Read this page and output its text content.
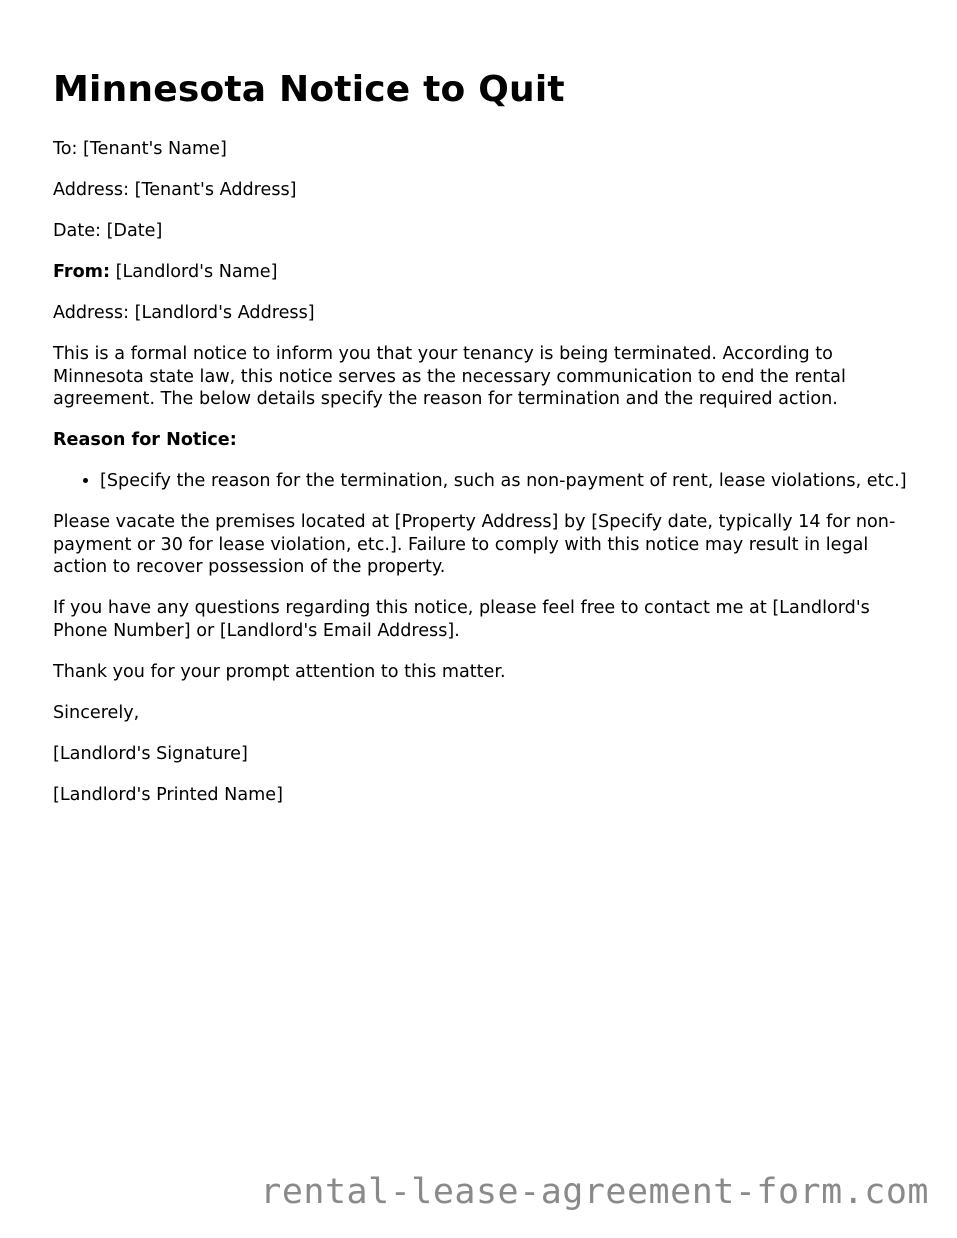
Minnesota Notice to Quit

To: [Tenant's Name]

Address: [Tenant's Address]

Date: [Date]

From: [Landlord's Name]

Address: [Landlord's Address]

This is a formal notice to inform you that your tenancy is being terminated. According to Minnesota state law, this notice serves as the necessary communication to end the rental agreement. The below details specify the reason for termination and the required action.

Reason for Notice:

• [Specify the reason for the termination, such as non-payment of rent, lease violations, etc.]

Please vacate the premises located at [Property Address] by [Specify date, typically 14 for non-payment or 30 for lease violation, etc.]. Failure to comply with this notice may result in legal action to recover possession of the property.

If you have any questions regarding this notice, please feel free to contact me at [Landlord's Phone Number] or [Landlord's Email Address].

Thank you for your prompt attention to this matter.

Sincerely,

[Landlord's Signature]

[Landlord's Printed Name]

rental-lease-agreement-form.com
